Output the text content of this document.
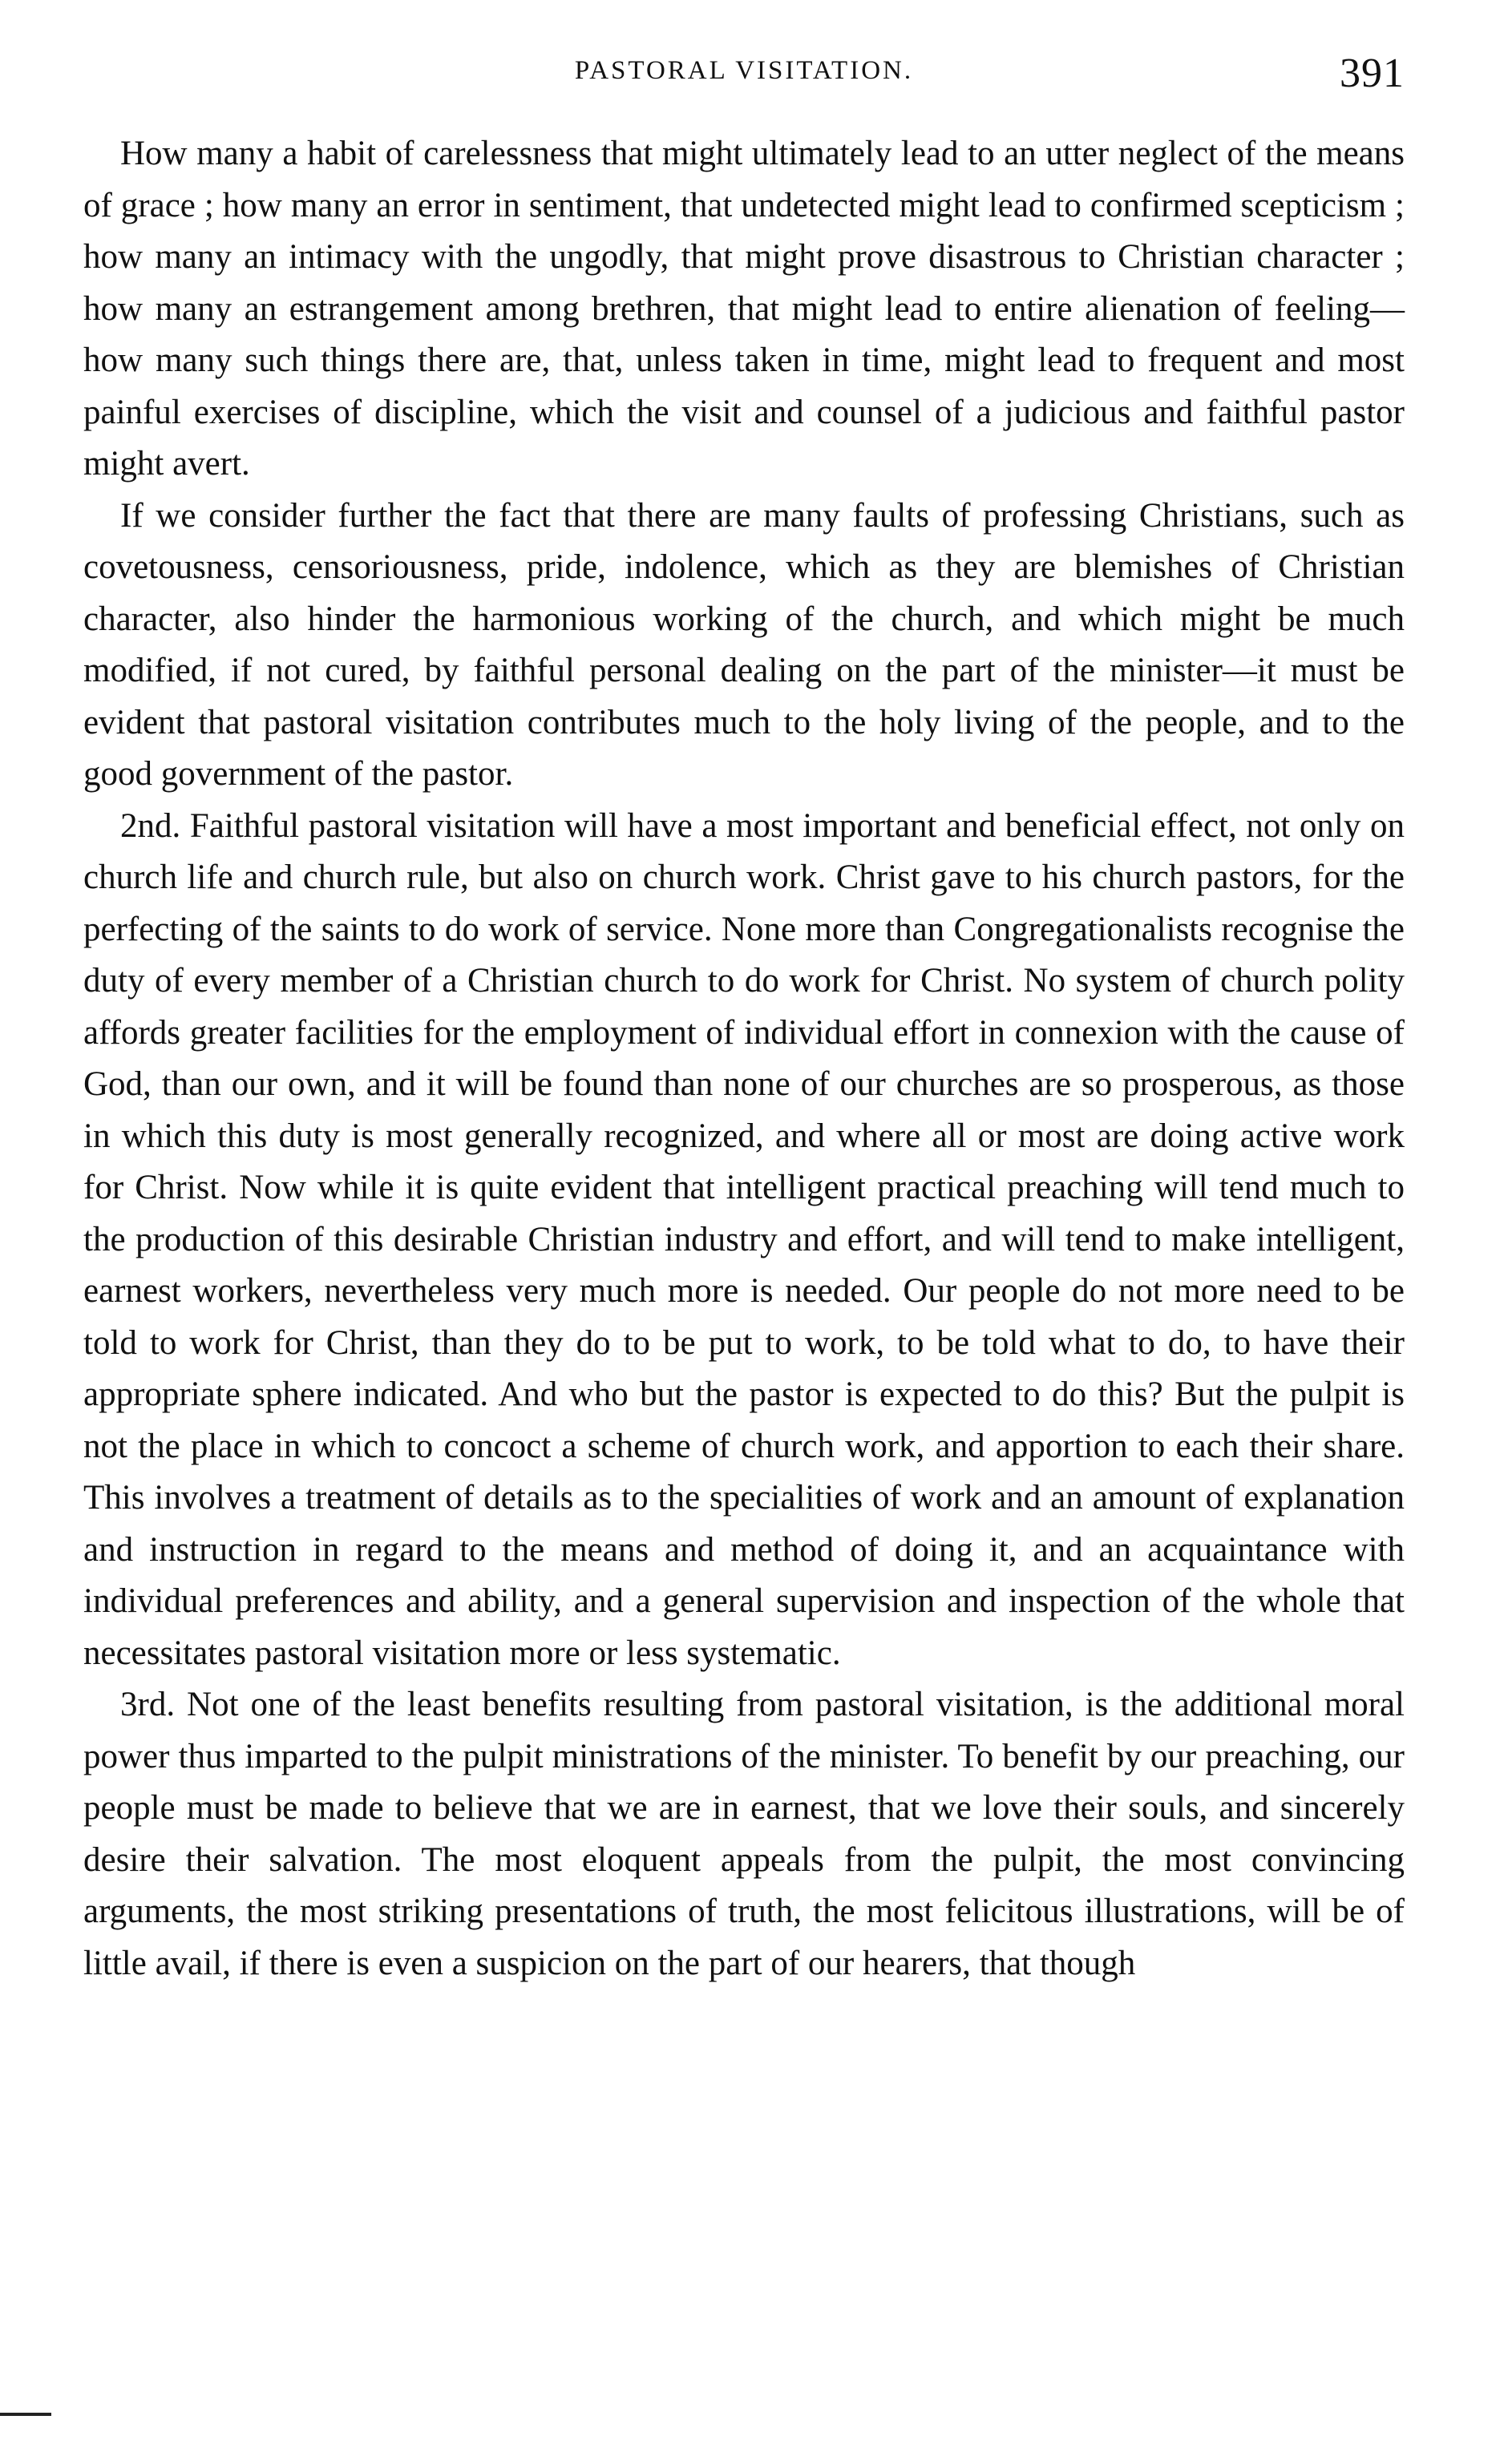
PASTORAL VISITATION.	391

How many a habit of carelessness that might ultimately lead to an utter neglect of the means of grace ; how many an error in sentiment, that undetected might lead to confirmed scepticism ; how many an intimacy with the ungodly, that might prove disastrous to Christian character ; how many an estrangement among brethren, that might lead to entire alienation of feeling—how many such things there are, that, unless taken in time, might lead to frequent and most painful exercises of discipline, which the visit and counsel of a judicious and faithful pastor might avert.

If we consider further the fact that there are many faults of professing Christians, such as covetousness, censoriousness, pride, indolence, which as they are blemishes of Christian character, also hinder the harmonious working of the church, and which might be much modified, if not cured, by faithful personal dealing on the part of the minister—it must be evident that pastoral visitation contributes much to the holy living of the people, and to the good government of the pastor.

2nd. Faithful pastoral visitation will have a most important and beneficial effect, not only on church life and church rule, but also on church work. Christ gave to his church pastors, for the perfecting of the saints to do work of service. None more than Congregationalists recognise the duty of every member of a Christian church to do work for Christ. No system of church polity affords greater facilities for the employment of individual effort in connexion with the cause of God, than our own, and it will be found than none of our churches are so prosperous, as those in which this duty is most generally recognized, and where all or most are doing active work for Christ. Now while it is quite evident that intelligent practical preaching will tend much to the production of this desirable Christian industry and effort, and will tend to make intelligent, earnest workers, nevertheless very much more is needed. Our people do not more need to be told to work for Christ, than they do to be put to work, to be told what to do, to have their appropriate sphere indicated. And who but the pastor is expected to do this? But the pulpit is not the place in which to concoct a scheme of church work, and apportion to each their share. This involves a treatment of details as to the specialities of work and an amount of explanation and instruction in regard to the means and method of doing it, and an acquaintance with individual preferences and ability, and a general supervision and inspection of the whole that necessitates pastoral visitation more or less systematic.

3rd. Not one of the least benefits resulting from pastoral visitation, is the additional moral power thus imparted to the pulpit ministrations of the minister. To benefit by our preaching, our people must be made to believe that we are in earnest, that we love their souls, and sincerely desire their salvation. The most eloquent appeals from the pulpit, the most convincing arguments, the most striking presentations of truth, the most felicitous illustrations, will be of little avail, if there is even a suspicion on the part of our hearers, that though
